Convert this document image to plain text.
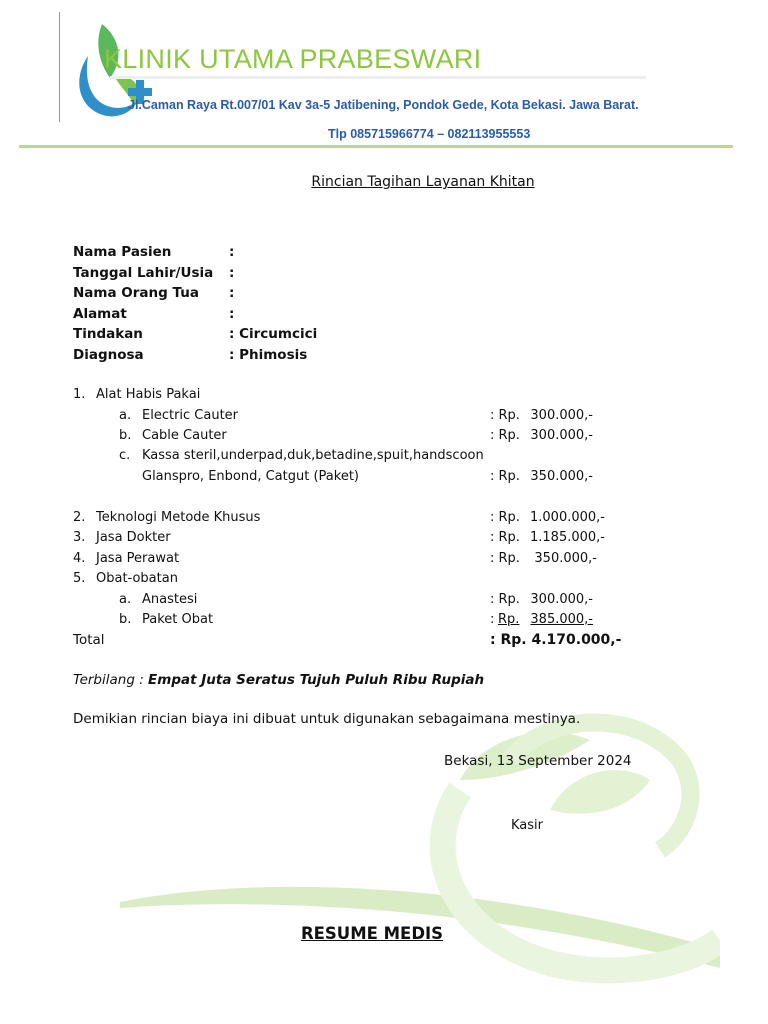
KLINIK UTAMA PRABESWARI
Jl.Caman Raya Rt.007/01 Kav 3a-5 Jatibening, Pondok Gede, Kota Bekasi. Jawa Barat.
Tlp 085715966774 – 082113955553
Rincian Tagihan Layanan Khitan
Nama Pasien	:
Tanggal Lahir/Usia :
Nama Orang Tua :
Alamat	:
Tindakan	: Circumcici
Diagnosa	: Phimosis
1. Alat Habis Pakai
a. Electric Cauter	: Rp. 300.000,-
b. Cable Cauter	: Rp. 300.000,-
c. Kassa steril,underpad,duk,betadine,spuit,handscoon
Glanspro, Enbond, Catgut (Paket)	: Rp. 350.000,-
2. Teknologi Metode Khusus	: Rp. 1.000.000,-
3. Jasa Dokter	: Rp. 1.185.000,-
4. Jasa Perawat	: Rp.	350.000,-
5. Obat-obatan
a. Anastesi	: Rp. 300.000,-
b. Paket Obat	: Rp. 385.000,-
Total	: Rp. 4.170.000,-
Terbilang : Empat Juta Seratus Tujuh Puluh Ribu Rupiah
Demikian rincian biaya ini dibuat untuk digunakan sebagaimana mestinya.
Bekasi, 13 September 2024
Kasir
RESUME MEDIS
